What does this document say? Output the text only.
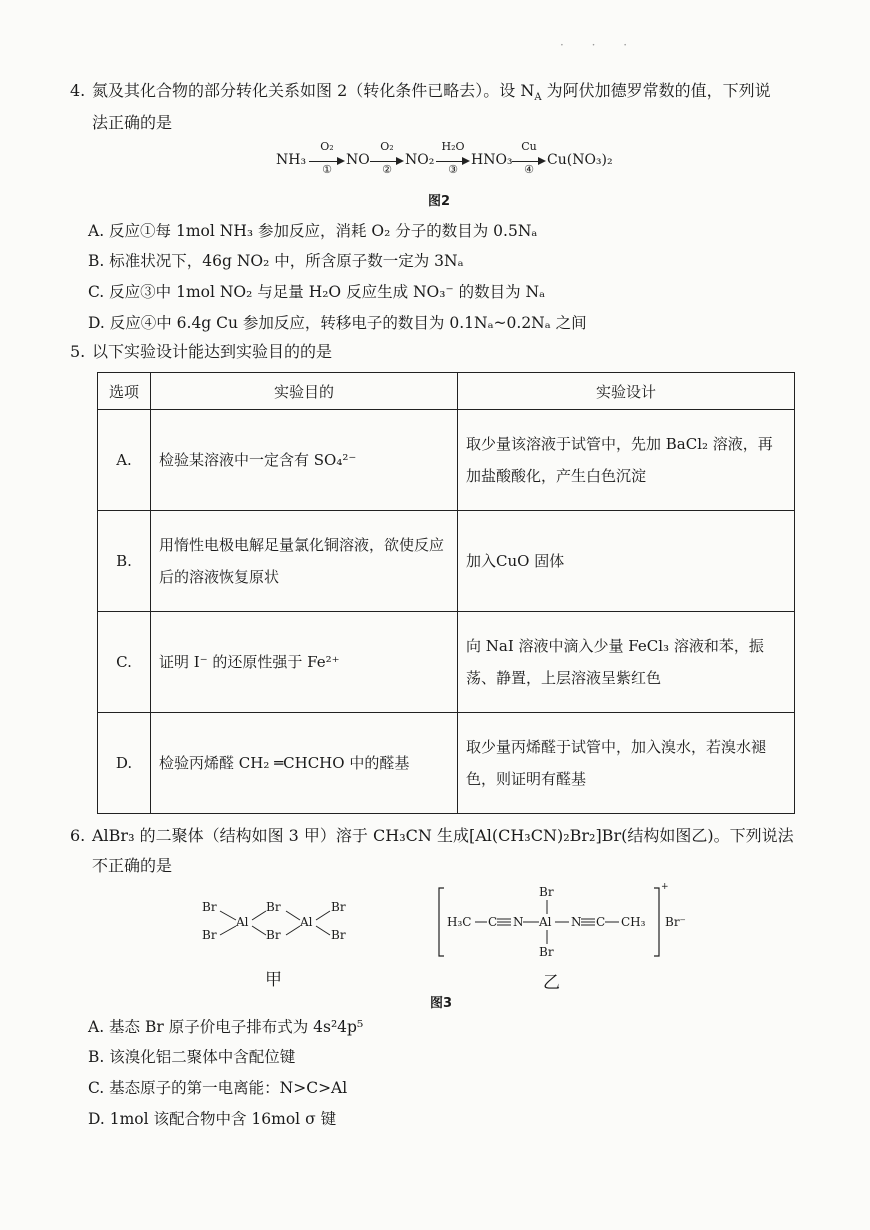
· · ·
4. 氮及其化合物的部分转化关系如图 2（转化条件已略去）。设 $N_A$ 为阿伏加德罗常数的值，下列说
法正确的是
NH₃
O₂
①
NO
O₂
②
NO₂
H₂O
③
HNO₃
Cu
④
Cu(NO₃)₂
图2
A. 反应①每 1mol NH₃ 参加反应，消耗 O₂ 分子的数目为 0.5Nₐ
B. 标准状况下，46g NO₂ 中，所含原子数一定为 3Nₐ
C. 反应③中 1mol NO₂ 与足量 H₂O 反应生成 NO₃⁻ 的数目为 Nₐ
D. 反应④中 6.4g Cu 参加反应，转移电子的数目为 0.1Nₐ~0.2Nₐ 之间
5. 以下实验设计能达到实验目的的是
选项	实验目的	实验设计
A.	检验某溶液中一定含有 SO₄²⁻	取少量该溶液于试管中，先加 BaCl₂ 溶液，再加盐酸酸化，产生白色沉淀
B.	用惰性电极电解足量氯化铜溶液，欲使反应后的溶液恢复原状	加入CuO 固体
C.	证明 I⁻ 的还原性强于 Fe²⁺	向 NaI 溶液中滴入少量 FeCl₃ 溶液和苯，振荡、静置，上层溶液呈紫红色
D.	检验丙烯醛 CH₂ ═CHCHO 中的醛基	取少量丙烯醛于试管中，加入溴水，若溴水褪色，则证明有醛基
6. AlBr₃ 的二聚体（结构如图 3 甲）溶于 CH₃CN 生成[Al(CH₃CN)₂Br₂]Br(结构如图乙)。下列说法
不正确的是
Br
Br
Al
Br
Br
Al
Br
Br
甲
H₃C C N Al
Br
Br
N C CH₃
+
Br⁻
乙
图3
A. 基态 Br 原子价电子排布式为 4s²4p⁵
B. 该溴化铝二聚体中含配位键
C. 基态原子的第一电离能：N>C>Al
D. 1mol 该配合物中含 16mol σ 键
